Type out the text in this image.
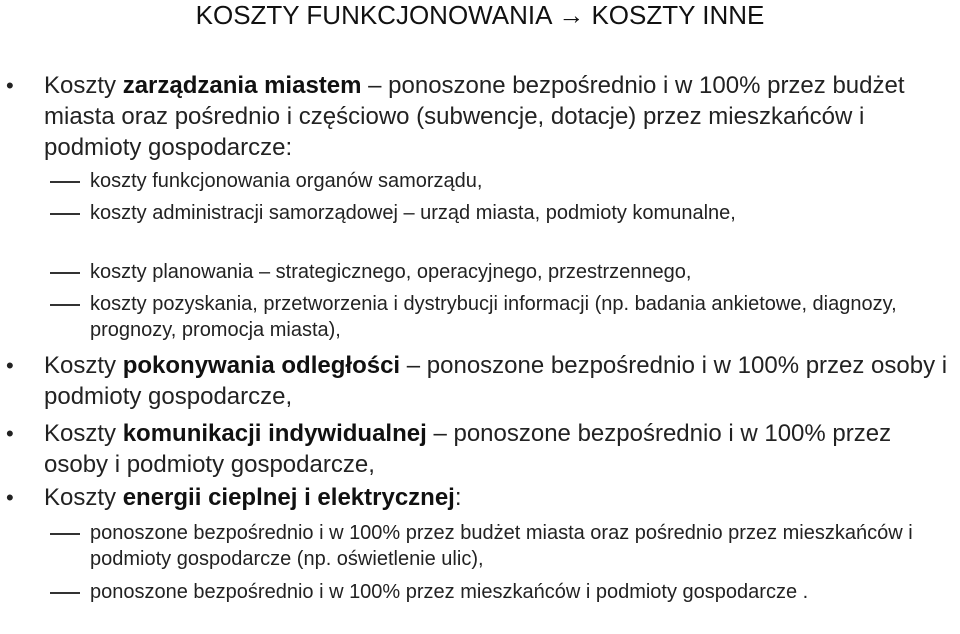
KOSZTY FUNKCJONOWANIA → KOSZTY INNE
• Koszty zarządzania miastem – ponoszone bezpośrednio i w 100% przez budżet miasta oraz pośrednio i częściowo (subwencje, dotacje) przez mieszkańców i podmioty gospodarcze:
koszty funkcjonowania organów samorządu,
koszty administracji samorządowej – urząd miasta, podmioty komunalne,
koszty planowania – strategicznego, operacyjnego, przestrzennego,
koszty pozyskania, przetworzenia i dystrybucji informacji (np. badania ankietowe, diagnozy, prognozy, promocja miasta),
• Koszty pokonywania odległości – ponoszone bezpośrednio i w 100% przez osoby i podmioty gospodarcze,
• Koszty komunikacji indywidualnej – ponoszone bezpośrednio i w 100% przez osoby i podmioty gospodarcze,
• Koszty energii cieplnej i elektrycznej:
ponoszone bezpośrednio i w 100% przez budżet miasta oraz pośrednio przez mieszkańców i podmioty gospodarcze (np. oświetlenie ulic),
ponoszone bezpośrednio i w 100% przez mieszkańców i podmioty gospodarcze .
